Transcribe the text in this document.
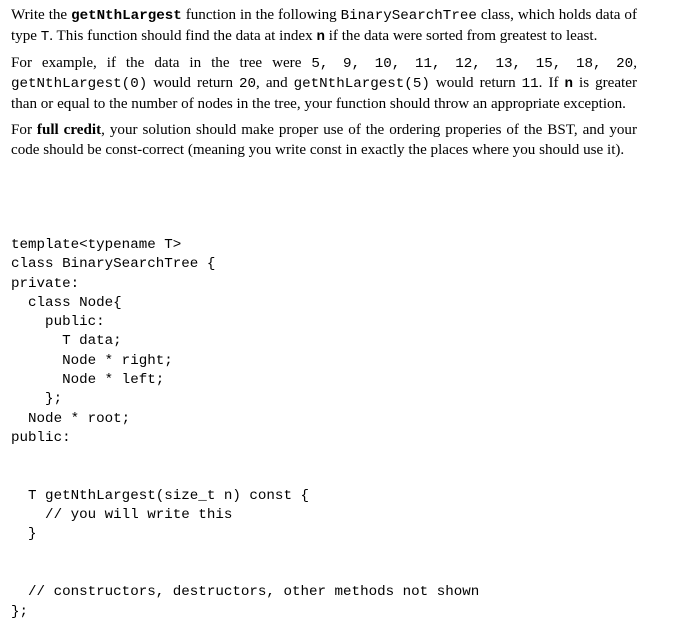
Write the getNthLargest function in the following BinarySearchTree class, which holds data of type T. This function should find the data at index n if the data were sorted from greatest to least.

For example, if the data in the tree were 5, 9, 10, 11, 12, 13, 15, 18, 20, getNthLargest(0) would return 20, and getNthLargest(5) would return 11. If n is greater than or equal to the number of nodes in the tree, your function should throw an appropriate exception.

For full credit, your solution should make proper use of the ordering properies of the BST, and your code should be const-correct (meaning you write const in exactly the places where you should use it).

template<typename T>
class BinarySearchTree {
private:
class Node{
public:
T data;
Node * right;
Node * left;
};
Node * root;
public:

T getNthLargest(size_t n) const {
// you will write this
}

// constructors, destructors, other methods not shown
};
